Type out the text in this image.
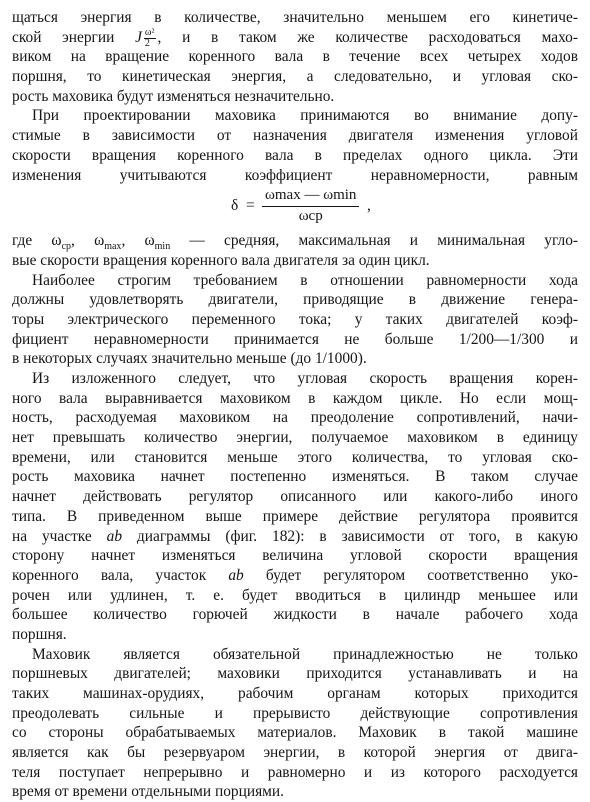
щаться энергия в количестве, значительно меньшем его кинетиче-
ской энергии J $\frac{\text{ω²}}{2}$ , и в таком же количестве расходоваться махо-
виком на вращение коренного вала в течение всех четырех ходов
поршня, то кинетическая энергия, а следовательно, и угловая ско-
рость маховика будут изменяться незначительно.
При проектировании маховика принимаются во внимание допу-
стимые в зависимости от назначения двигателя изменения угловой
скорости вращения коренного вала в пределах одного цикла. Эти
изменения учитываются коэффициент неравномерности, равным
δ =
ωmax — ωmin
ωcp
,
где $\omega_{cp}$, $\omega_{max}$, $\omega_{min}$ — средняя, максимальная и минимальная угло-
вые скорости вращения коренного вала двигателя за один цикл.
Наиболее строгим требованием в отношении равномерности хода
должны удовлетворять двигатели, приводящие в движение генера-
торы электрического переменного тока; у таких двигателей коэф-
фициент неравномерности принимается не больше 1/200—1/300 и
в некоторых случаях значительно меньше (до 1/1000).
Из изложенного следует, что угловая скорость вращения корен-
ного вала выравнивается маховиком в каждом цикле. Но если мощ-
ность, расходуемая маховиком на преодоление сопротивлений, начи-
нет превышать количество энергии, получаемое маховиком в единицу
времени, или становится меньше этого количества, то угловая ско-
рость маховика начнет постепенно изменяться. В таком случае
начнет действовать регулятор описанного или какого-либо иного
типа. В приведенном выше примере действие регулятора проявится
на участке ab диаграммы (фиг. 182): в зависимости от того, в какую
сторону начнет изменяться величина угловой скорости вращения
коренного вала, участок ab будет регулятором соответственно уко-
рочен или удлинен, т. е. будет вводиться в цилиндр меньшее или
большее количество горючей жидкости в начале рабочего хода
поршня.
Маховик является обязательной принадлежностью не только
поршневых двигателей; маховики приходится устанавливать и на
таких машинах-орудиях, рабочим органам которых приходится
преодолевать сильные и прерывисто действующие сопротивления
со стороны обрабатываемых материалов. Маховик в такой машине
является как бы резервуаром энергии, в которой энергия от двига-
теля поступает непрерывно и равномерно и из которого расходуется
время от времени отдельными порциями.
